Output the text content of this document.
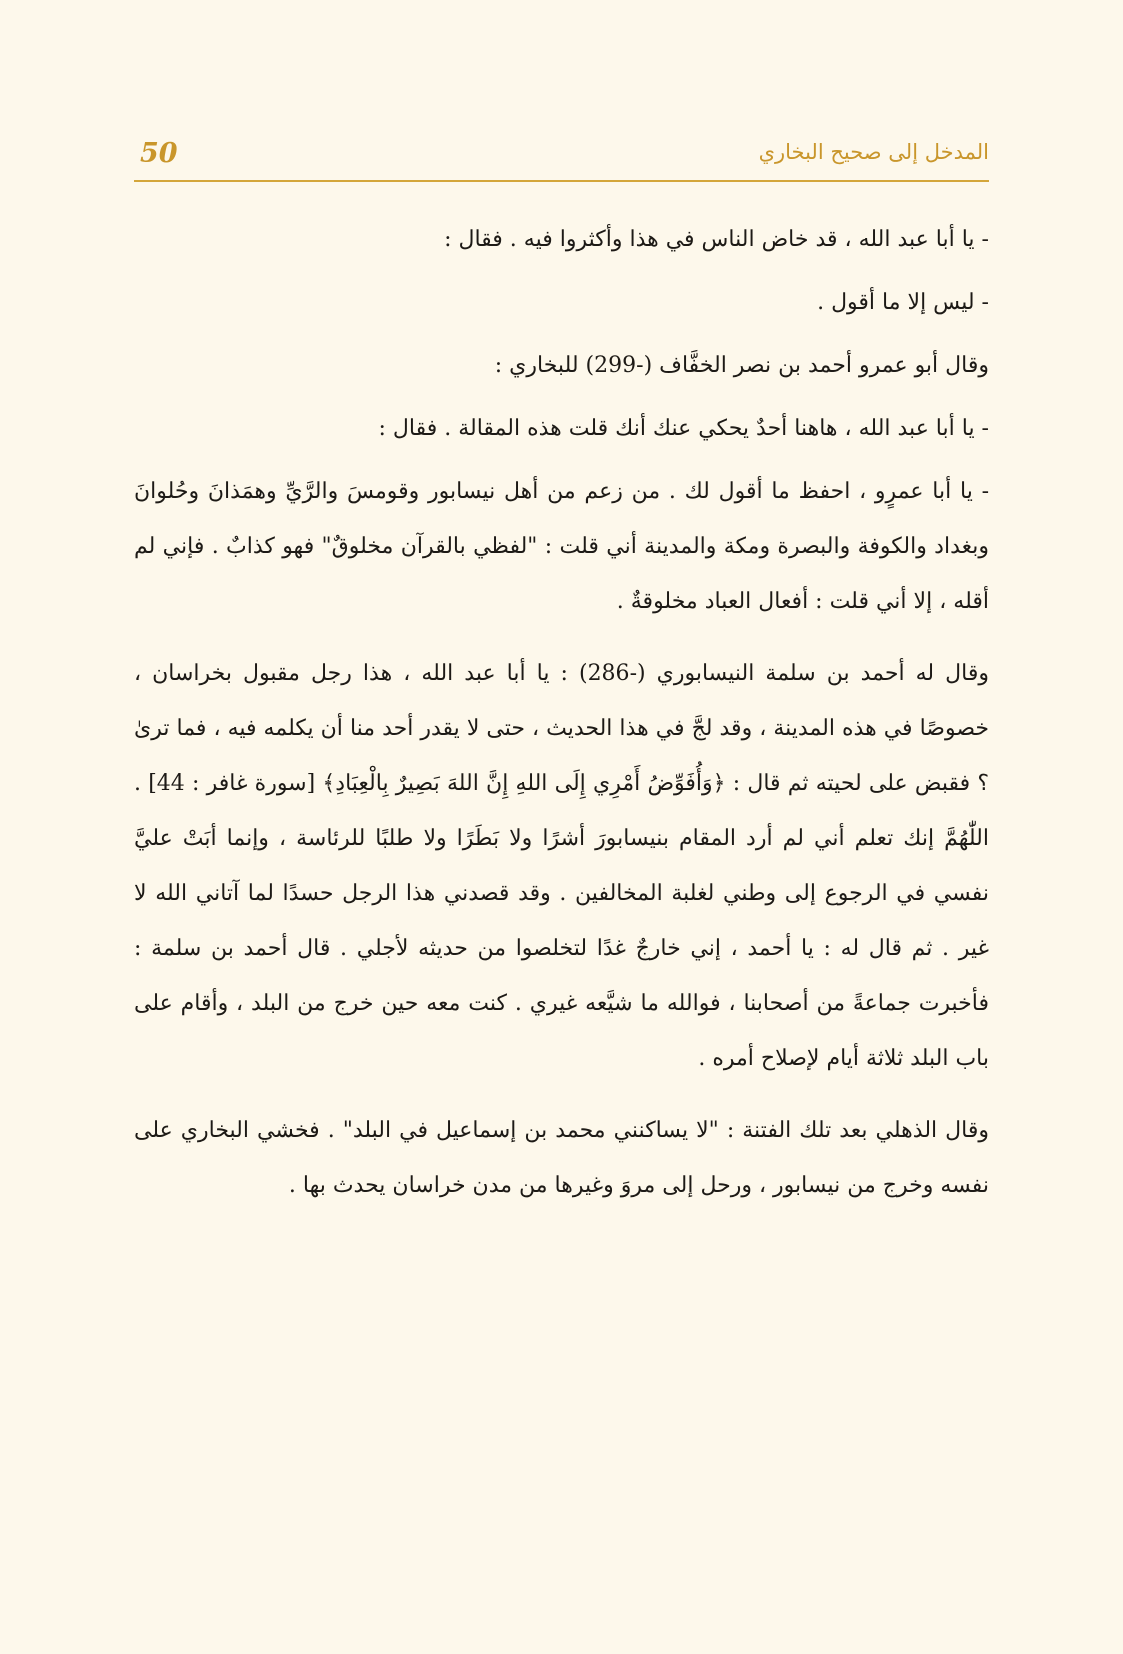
50	المدخل إلى صحيح البخاري

- يا أبا عبد الله ، قد خاض الناس في هذا وأكثروا فيه . فقال :

- ليس إلا ما أقول .

وقال أبو عمرو أحمد بن نصر الخفَّاف (-299) للبخاري :

- يا أبا عبد الله ، هاهنا أحدٌ يحكي عنك أنك قلت هذه المقالة . فقال :

- يا أبا عمرٍو ، احفظ ما أقول لك . من زعم من أهل نيسابور وقومسَ والرَّيِّ وهمَذانَ وحُلوانَ وبغداد والكوفة والبصرة ومكة والمدينة أني قلت : "لفظي بالقرآن مخلوقٌ" فهو كذابٌ . فإني لم أقله ، إلا أني قلت : أفعال العباد مخلوقةٌ .

وقال له أحمد بن سلمة النيسابوري (-286) : يا أبا عبد الله ، هذا رجل مقبول بخراسان ، خصوصًا في هذه المدينة ، وقد لجَّ في هذا الحديث ، حتى لا يقدر أحد منا أن يكلمه فيه ، فما ترىٰ ؟ فقبض على لحيته ثم قال : ﴿وَأُفَوِّضُ أَمْرِي إِلَى اللهِ إِنَّ اللهَ بَصِيرٌ بِالْعِبَادِ﴾ [سورة غافر : 44] . اللّٰهُمَّ إنك تعلم أني لم أرد المقام بنيسابورَ أشرًا ولا بَطَرًا ولا طلبًا للرئاسة ، وإنما أبَتْ عليَّ نفسي في الرجوع إلى وطني لغلبة المخالفين . وقد قصدني هذا الرجل حسدًا لما آتاني الله لا غير . ثم قال له : يا أحمد ، إني خارجٌ غدًا لتخلصوا من حديثه لأجلي . قال أحمد بن سلمة : فأخبرت جماعةً من أصحابنا ، فوالله ما شيَّعه غيري . كنت معه حين خرج من البلد ، وأقام على باب البلد ثلاثة أيام لإصلاح أمره .

وقال الذهلي بعد تلك الفتنة : "لا يساكنني محمد بن إسماعيل في البلد" . فخشي البخاري على نفسه وخرج من نيسابور ، ورحل إلى مروَ وغيرها من مدن خراسان يحدث بها .
